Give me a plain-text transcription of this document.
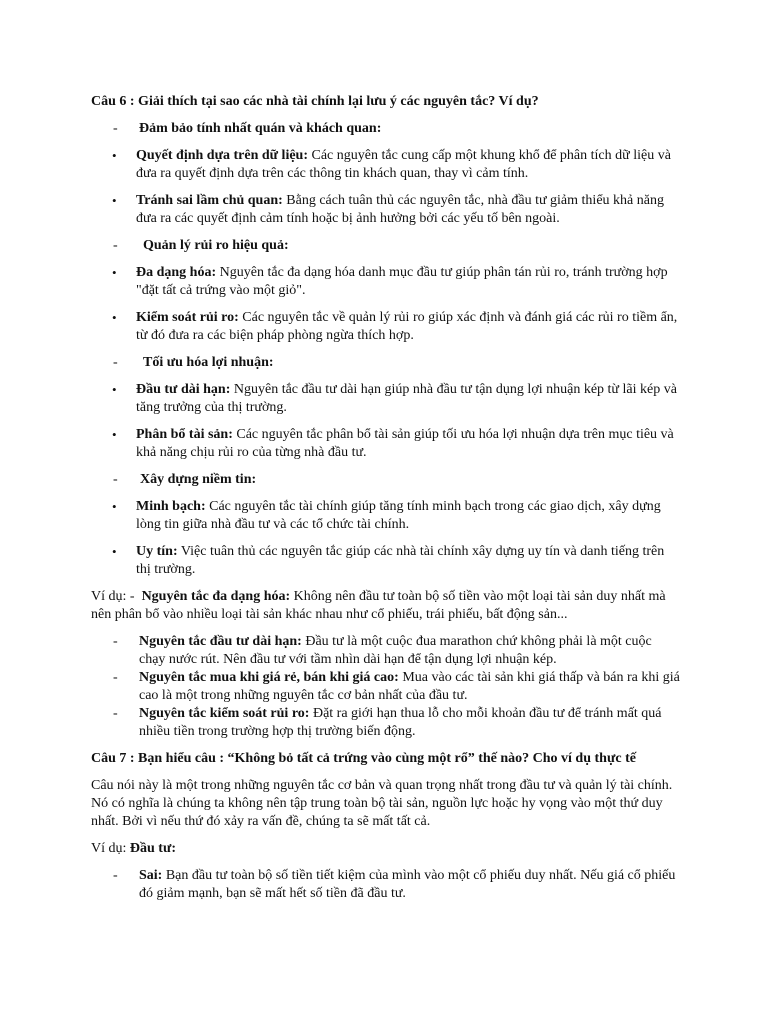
Câu 6 : Giải thích tại sao các nhà tài chính lại lưu ý các nguyên tắc? Ví dụ?

- Đảm bảo tính nhất quán và khách quan:

• Quyết định dựa trên dữ liệu: Các nguyên tắc cung cấp một khung khổ để phân tích dữ liệu và đưa ra quyết định dựa trên các thông tin khách quan, thay vì cảm tính.

• Tránh sai lầm chủ quan: Bằng cách tuân thủ các nguyên tắc, nhà đầu tư giảm thiểu khả năng đưa ra các quyết định cảm tính hoặc bị ảnh hưởng bởi các yếu tố bên ngoài.

- Quản lý rủi ro hiệu quả:

• Đa dạng hóa: Nguyên tắc đa dạng hóa danh mục đầu tư giúp phân tán rủi ro, tránh trường hợp "đặt tất cả trứng vào một giỏ".

• Kiểm soát rủi ro: Các nguyên tắc về quản lý rủi ro giúp xác định và đánh giá các rủi ro tiềm ẩn, từ đó đưa ra các biện pháp phòng ngừa thích hợp.

- Tối ưu hóa lợi nhuận:

• Đầu tư dài hạn: Nguyên tắc đầu tư dài hạn giúp nhà đầu tư tận dụng lợi nhuận kép từ lãi kép và tăng trưởng của thị trường.

• Phân bổ tài sản: Các nguyên tắc phân bổ tài sản giúp tối ưu hóa lợi nhuận dựa trên mục tiêu và khả năng chịu rủi ro của từng nhà đầu tư.

- Xây dựng niềm tin:

• Minh bạch: Các nguyên tắc tài chính giúp tăng tính minh bạch trong các giao dịch, xây dựng lòng tin giữa nhà đầu tư và các tổ chức tài chính.

• Uy tín: Việc tuân thủ các nguyên tắc giúp các nhà tài chính xây dựng uy tín và danh tiếng trên thị trường.

Ví dụ: -  Nguyên tắc đa dạng hóa: Không nên đầu tư toàn bộ số tiền vào một loại tài sản duy nhất mà nên phân bổ vào nhiều loại tài sản khác nhau như cổ phiếu, trái phiếu, bất động sản...

- Nguyên tắc đầu tư dài hạn: Đầu tư là một cuộc đua marathon chứ không phải là một cuộc chạy nước rút. Nên đầu tư với tầm nhìn dài hạn để tận dụng lợi nhuận kép.

- Nguyên tắc mua khi giá rẻ, bán khi giá cao: Mua vào các tài sản khi giá thấp và bán ra khi giá cao là một trong những nguyên tắc cơ bản nhất của đầu tư.

- Nguyên tắc kiểm soát rủi ro: Đặt ra giới hạn thua lỗ cho mỗi khoản đầu tư để tránh mất quá nhiều tiền trong trường hợp thị trường biến động.

Câu 7 : Bạn hiểu câu : “Không bỏ tất cả trứng vào cùng một rổ” thế nào? Cho ví dụ thực tế

Câu nói này là một trong những nguyên tắc cơ bản và quan trọng nhất trong đầu tư và quản lý tài chính. Nó có nghĩa là chúng ta không nên tập trung toàn bộ tài sản, nguồn lực hoặc hy vọng vào một thứ duy nhất. Bởi vì nếu thứ đó xảy ra vấn đề, chúng ta sẽ mất tất cả.

Ví dụ: Đầu tư:

- Sai: Bạn đầu tư toàn bộ số tiền tiết kiệm của mình vào một cổ phiếu duy nhất. Nếu giá cổ phiếu đó giảm mạnh, bạn sẽ mất hết số tiền đã đầu tư.
